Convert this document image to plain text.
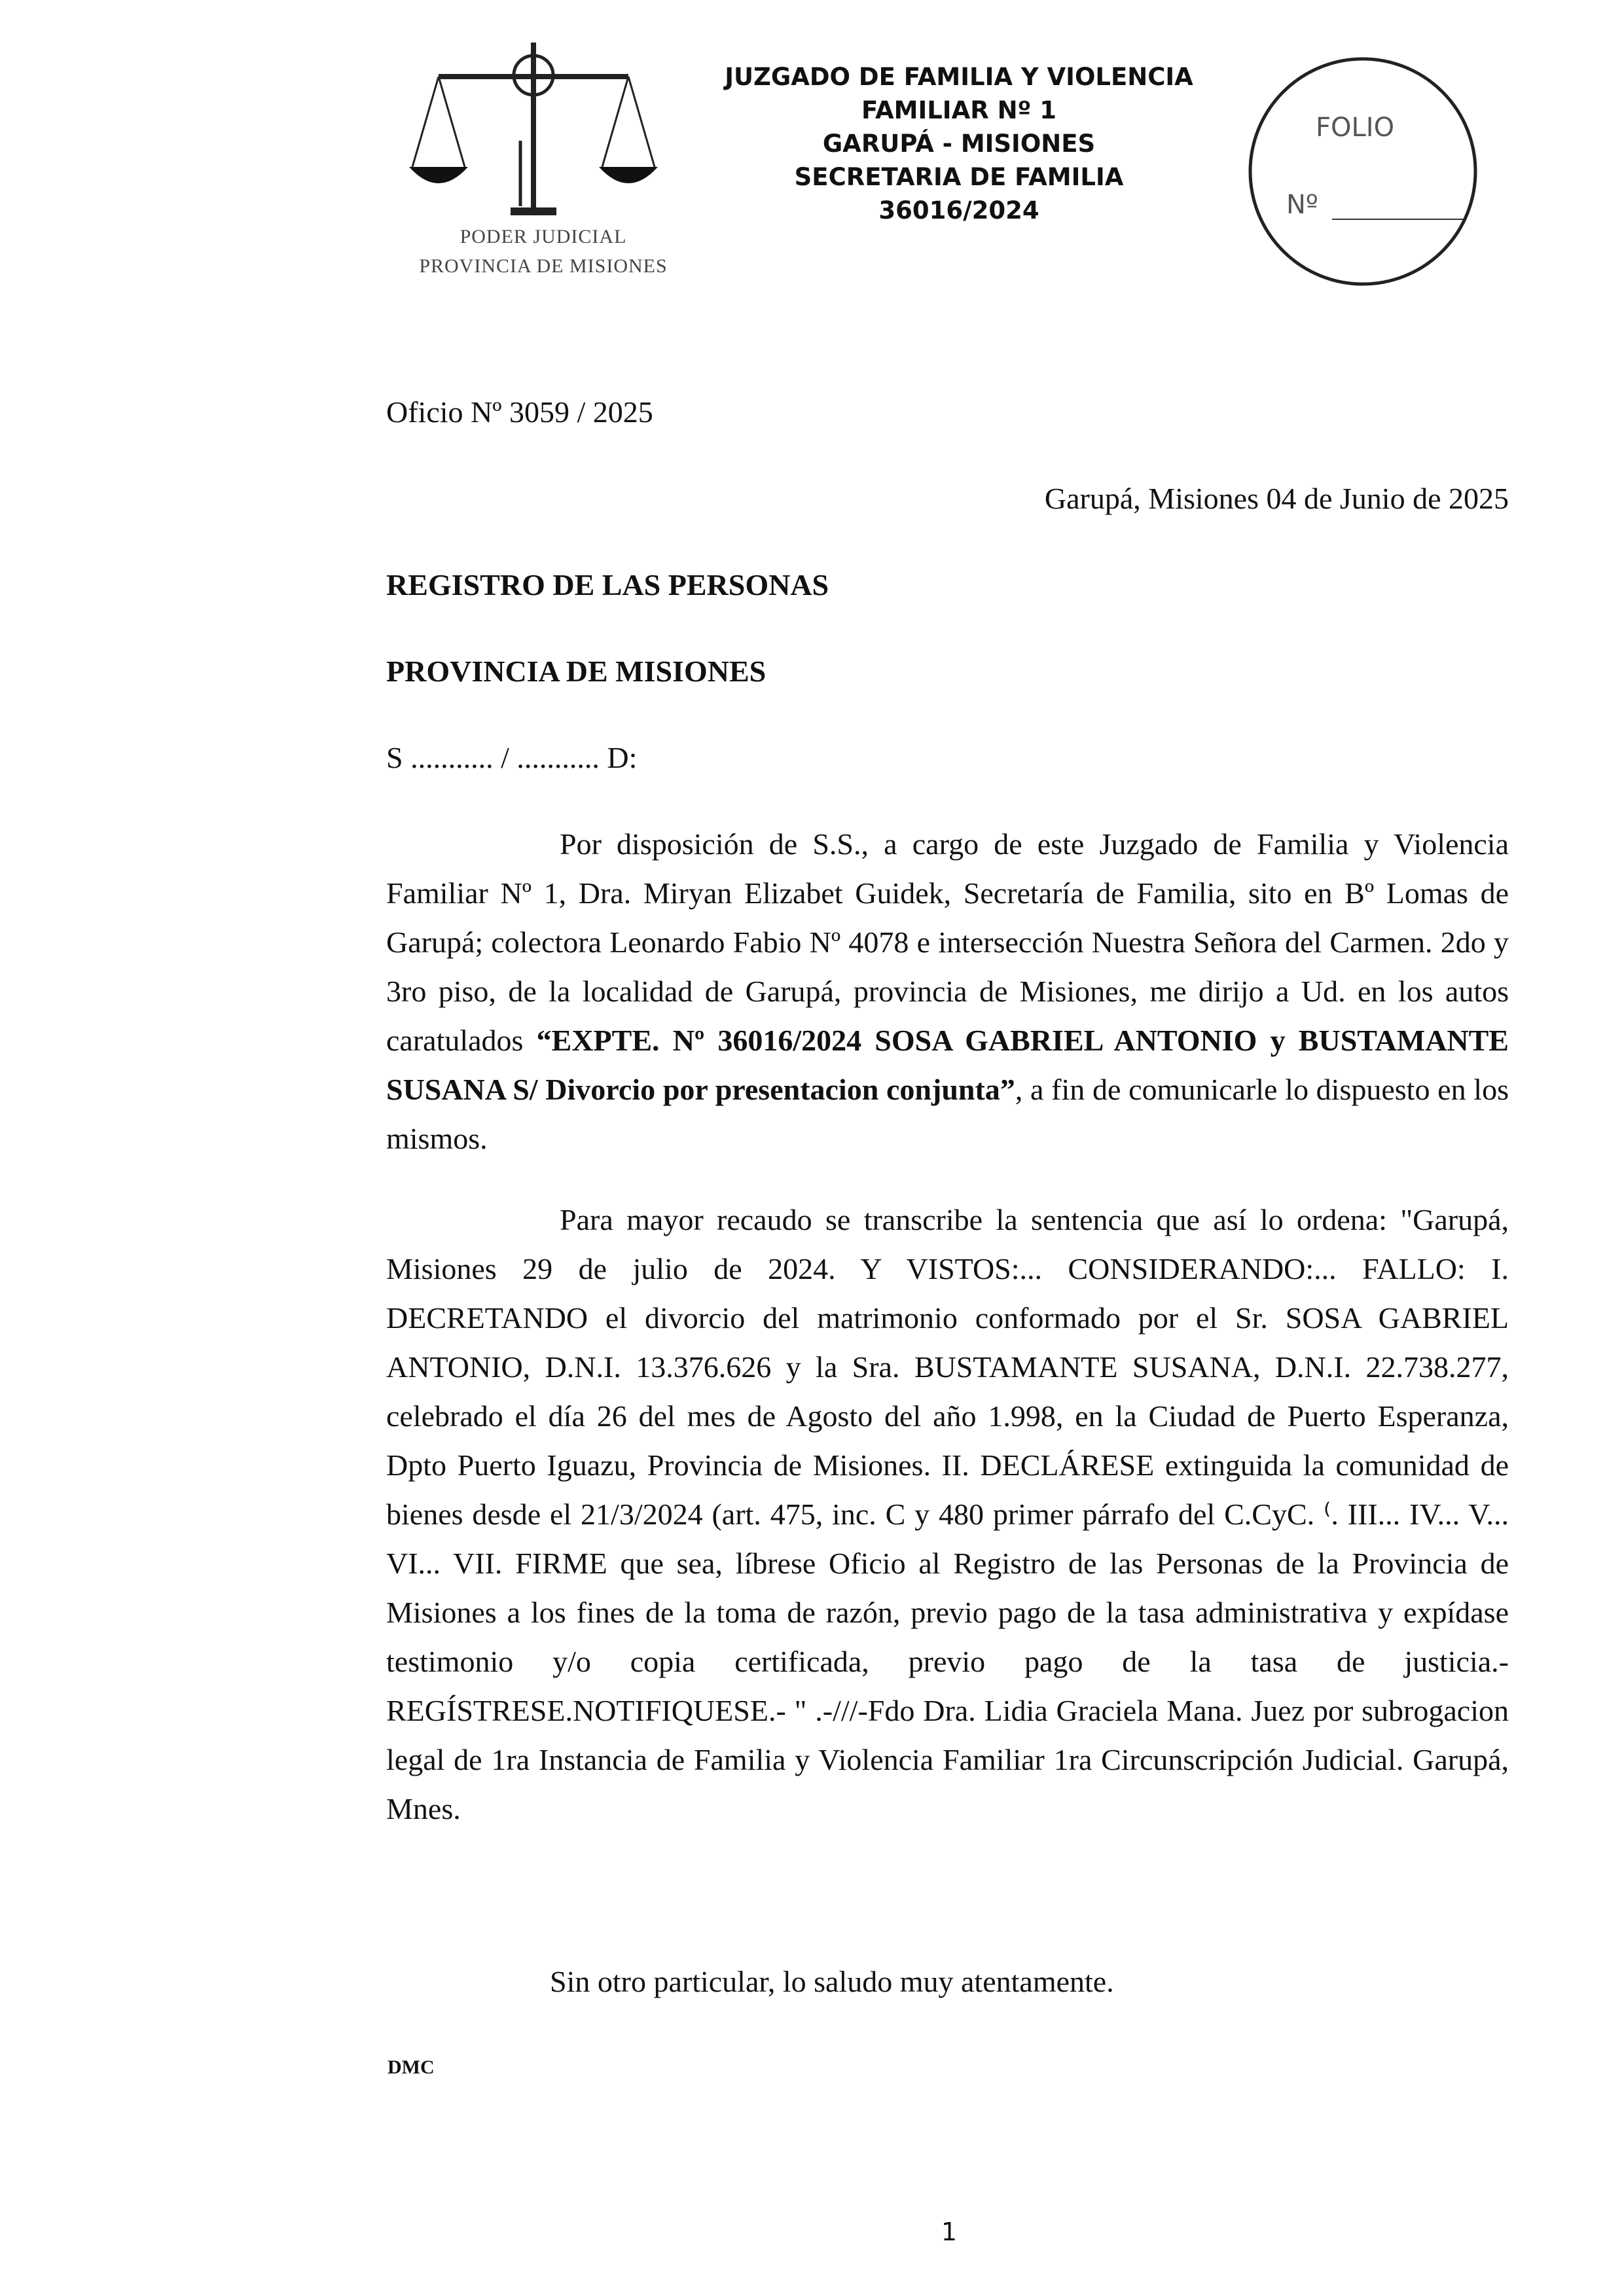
PODER JUDICIAL
PROVINCIA DE MISIONES
JUZGADO DE FAMILIA Y VIOLENCIA
FAMILIAR Nº 1
GARUPÁ - MISIONES
SECRETARIA DE FAMILIA
36016/2024
FOLIO
Nº
Oficio Nº 3059 / 2025
Garupá, Misiones 04 de Junio de 2025
REGISTRO DE LAS PERSONAS
PROVINCIA DE MISIONES
S ........... / ........... D:

Por disposición de S.S., a cargo de este Juzgado de Familia y Violencia Familiar Nº 1, Dra. Miryan Elizabet Guidek, Secretaría de Familia, sito en Bº Lomas de Garupá; colectora Leonardo Fabio Nº 4078 e intersección Nuestra Señora del Carmen. 2do y 3ro piso, de la localidad de Garupá, provincia de Misiones, me dirijo a Ud. en los autos caratulados “EXPTE. Nº 36016/2024 SOSA GABRIEL ANTONIO y BUSTAMANTE SUSANA S/ Divorcio por presentacion conjunta”, a fin de comunicarle lo dispuesto en los mismos.

Para mayor recaudo se transcribe la sentencia que así lo ordena: "Garupá, Misiones 29 de julio de 2024. Y VISTOS:... CONSIDERANDO:... FALLO: I. DECRETANDO el divorcio del matrimonio conformado por el Sr. SOSA GABRIEL ANTONIO, D.N.I. 13.376.626 y la Sra. BUSTAMANTE SUSANA, D.N.I. 22.738.277, celebrado el día 26 del mes de Agosto del año 1.998, en la Ciudad de Puerto Esperanza, Dpto Puerto Iguazu, Provincia de Misiones. II. DECLÁRESE extinguida la comunidad de bienes desde el 21/3/2024 (art. 475, inc. C y 480 primer párrafo del C.CyC. ⁽. III... IV... V... VI... VII. FIRME que sea, líbrese Oficio al Registro de las Personas de la Provincia de Misiones a los fines de la toma de razón, previo pago de la tasa administrativa y expídase testimonio y/o copia certificada, previo pago de la tasa de justicia.- REGÍSTRESE.NOTIFIQUESE.- " .-///-Fdo Dra. Lidia Graciela Mana. Juez por subrogacion legal de 1ra Instancia de Familia y Violencia Familiar 1ra Circunscripción Judicial. Garupá, Mnes.

Sin otro particular, lo saludo muy atentamente.
DMC
1
